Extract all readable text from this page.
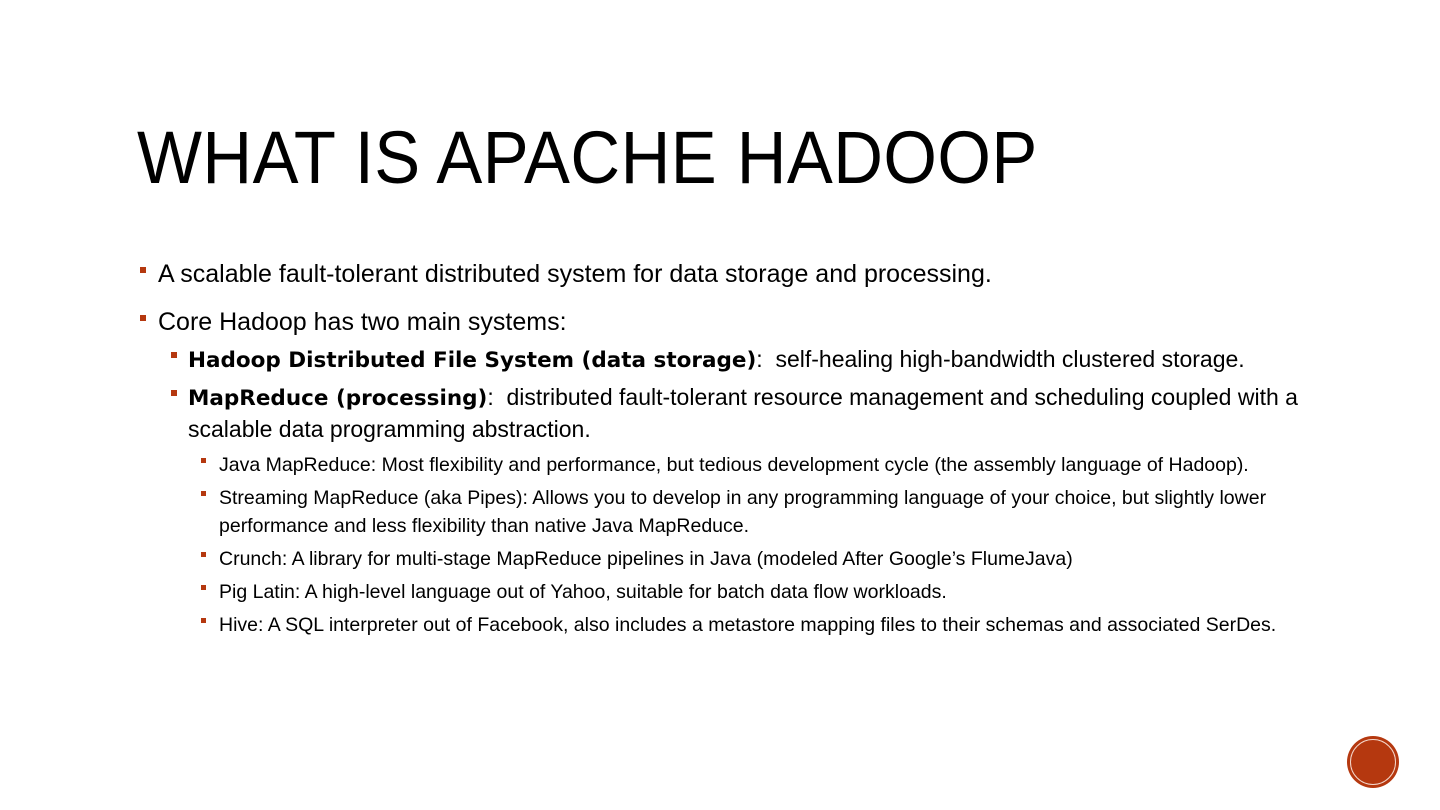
WHAT IS APACHE HADOOP

A scalable fault-tolerant distributed system for data storage and processing.

Core Hadoop has two main systems:

Hadoop Distributed File System (data storage):  self-healing high-bandwidth clustered storage.

MapReduce (processing):  distributed fault-tolerant resource management and scheduling coupled with a scalable data programming abstraction.

Java MapReduce: Most flexibility and performance, but tedious development cycle (the assembly language of Hadoop).

Streaming MapReduce (aka Pipes): Allows you to develop in any programming language of your choice, but slightly lower performance and less flexibility than native Java MapReduce.

Crunch: A library for multi-stage MapReduce pipelines in Java (modeled After Google’s FlumeJava)

Pig Latin: A high-level language out of Yahoo, suitable for batch data flow workloads.

Hive: A SQL interpreter out of Facebook, also includes a metastore mapping files to their schemas and associated SerDes.
